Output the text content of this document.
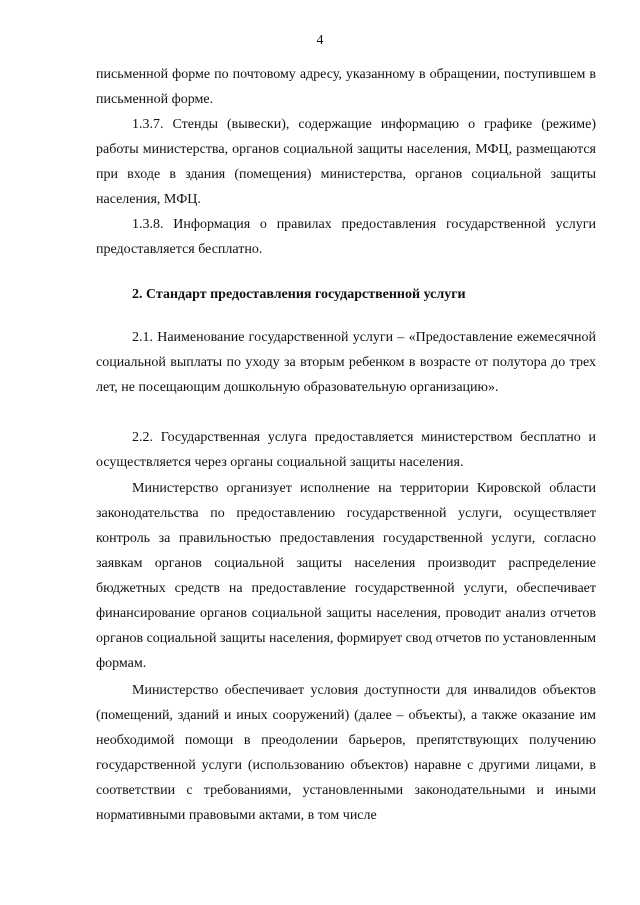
4

письменной форме по почтовому адресу, указанному в обращении, поступившем в письменной форме.

1.3.7. Стенды (вывески), содержащие информацию о графике (режиме) работы министерства, органов социальной защиты населения, МФЦ, размещаются при входе в здания (помещения) министерства, органов социальной защиты населения, МФЦ.

1.3.8. Информация о правилах предоставления государственной услуги предоставляется бесплатно.

2. Стандарт предоставления государственной услуги

2.1. Наименование государственной услуги – «Предоставление ежемесячной социальной выплаты по уходу за вторым ребенком в возрасте от полутора до трех лет, не посещающим дошкольную образовательную организацию».

2.2. Государственная услуга предоставляется министерством бесплатно и осуществляется через органы социальной защиты населения.

Министерство организует исполнение на территории Кировской области законодательства по предоставлению государственной услуги, осуществляет контроль за правильностью предоставления государственной услуги, согласно заявкам органов социальной защиты населения производит распределение бюджетных средств на предоставление государственной услуги, обеспечивает финансирование органов социальной защиты населения, проводит анализ отчетов органов социальной защиты населения, формирует свод отчетов по установленным формам.

Министерство обеспечивает условия доступности для инвалидов объектов (помещений, зданий и иных сооружений) (далее – объекты), а также оказание им необходимой помощи в преодолении барьеров, препятствующих получению государственной услуги (использованию объектов) наравне с другими лицами, в соответствии с требованиями, установленными законодательными и иными нормативными правовыми актами, в том числе
